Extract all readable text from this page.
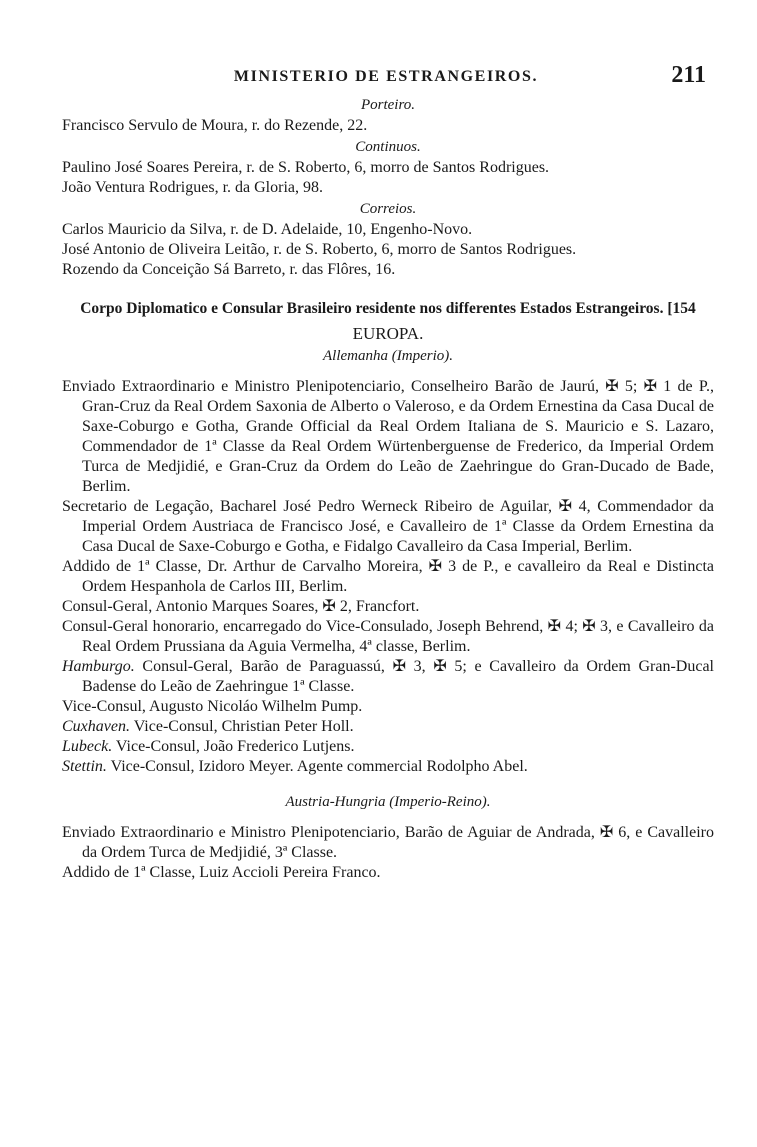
MINISTERIO DE ESTRANGEIROS.	211
Porteiro.

Francisco Servulo de Moura, r. do Rezende, 22.

Continuos.

Paulino José Soares Pereira, r. de S. Roberto, 6, morro de Santos Rodrigues.

João Ventura Rodrigues, r. da Gloria, 98.

Correios.

Carlos Mauricio da Silva, r. de D. Adelaide, 10, Engenho-Novo.

José Antonio de Oliveira Leitão, r. de S. Roberto, 6, morro de Santos Rodrigues.

Rozendo da Conceição Sá Barreto, r. das Flôres, 16.

Corpo Diplomatico e Consular Brasileiro residente nos differentes Estados Estrangeiros. [154
EUROPA.
Allemanha (Imperio).

Enviado Extraordinario e Ministro Plenipotenciario, Conselheiro Barão de Jaurú, ✠ 5; ✠ 1 de P., Gran-Cruz da Real Ordem Saxonia de Alberto o Valeroso, e da Ordem Ernestina da Casa Ducal de Saxe-Coburgo e Gotha, Grande Official da Real Ordem Italiana de S. Mauricio e S. Lazaro, Commendador de 1ª Classe da Real Ordem Würtenberguense de Frederico, da Imperial Ordem Turca de Medjidié, e Gran-Cruz da Ordem do Leão de Zaehringue do Gran-Ducado de Bade, Berlim.

Secretario de Legação, Bacharel José Pedro Werneck Ribeiro de Aguilar, ✠ 4, Commendador da Imperial Ordem Austriaca de Francisco José, e Cavalleiro de 1ª Classe da Ordem Ernestina da Casa Ducal de Saxe-Coburgo e Gotha, e Fidalgo Cavalleiro da Casa Imperial, Berlim.

Addido de 1ª Classe, Dr. Arthur de Carvalho Moreira, ✠ 3 de P., e cavalleiro da Real e Distincta Ordem Hespanhola de Carlos III, Berlim.

Consul-Geral, Antonio Marques Soares, ✠ 2, Francfort.

Consul-Geral honorario, encarregado do Vice-Consulado, Joseph Behrend, ✠ 4; ✠ 3, e Cavalleiro da Real Ordem Prussiana da Aguia Vermelha, 4ª classe, Berlim.

Hamburgo. Consul-Geral, Barão de Paraguassú, ✠ 3, ✠ 5; e Cavalleiro da Ordem Gran-Ducal Badense do Leão de Zaehringue 1ª Classe.

Vice-Consul, Augusto Nicoláo Wilhelm Pump.

Cuxhaven. Vice-Consul, Christian Peter Holl.

Lubeck. Vice-Consul, João Frederico Lutjens.

Stettin. Vice-Consul, Izidoro Meyer. Agente commercial Rodolpho Abel.

Austria-Hungria (Imperio-Reino).

Enviado Extraordinario e Ministro Plenipotenciario, Barão de Aguiar de Andrada, ✠ 6, e Cavalleiro da Ordem Turca de Medjidié, 3ª Classe.

Addido de 1ª Classe, Luiz Accioli Pereira Franco.
